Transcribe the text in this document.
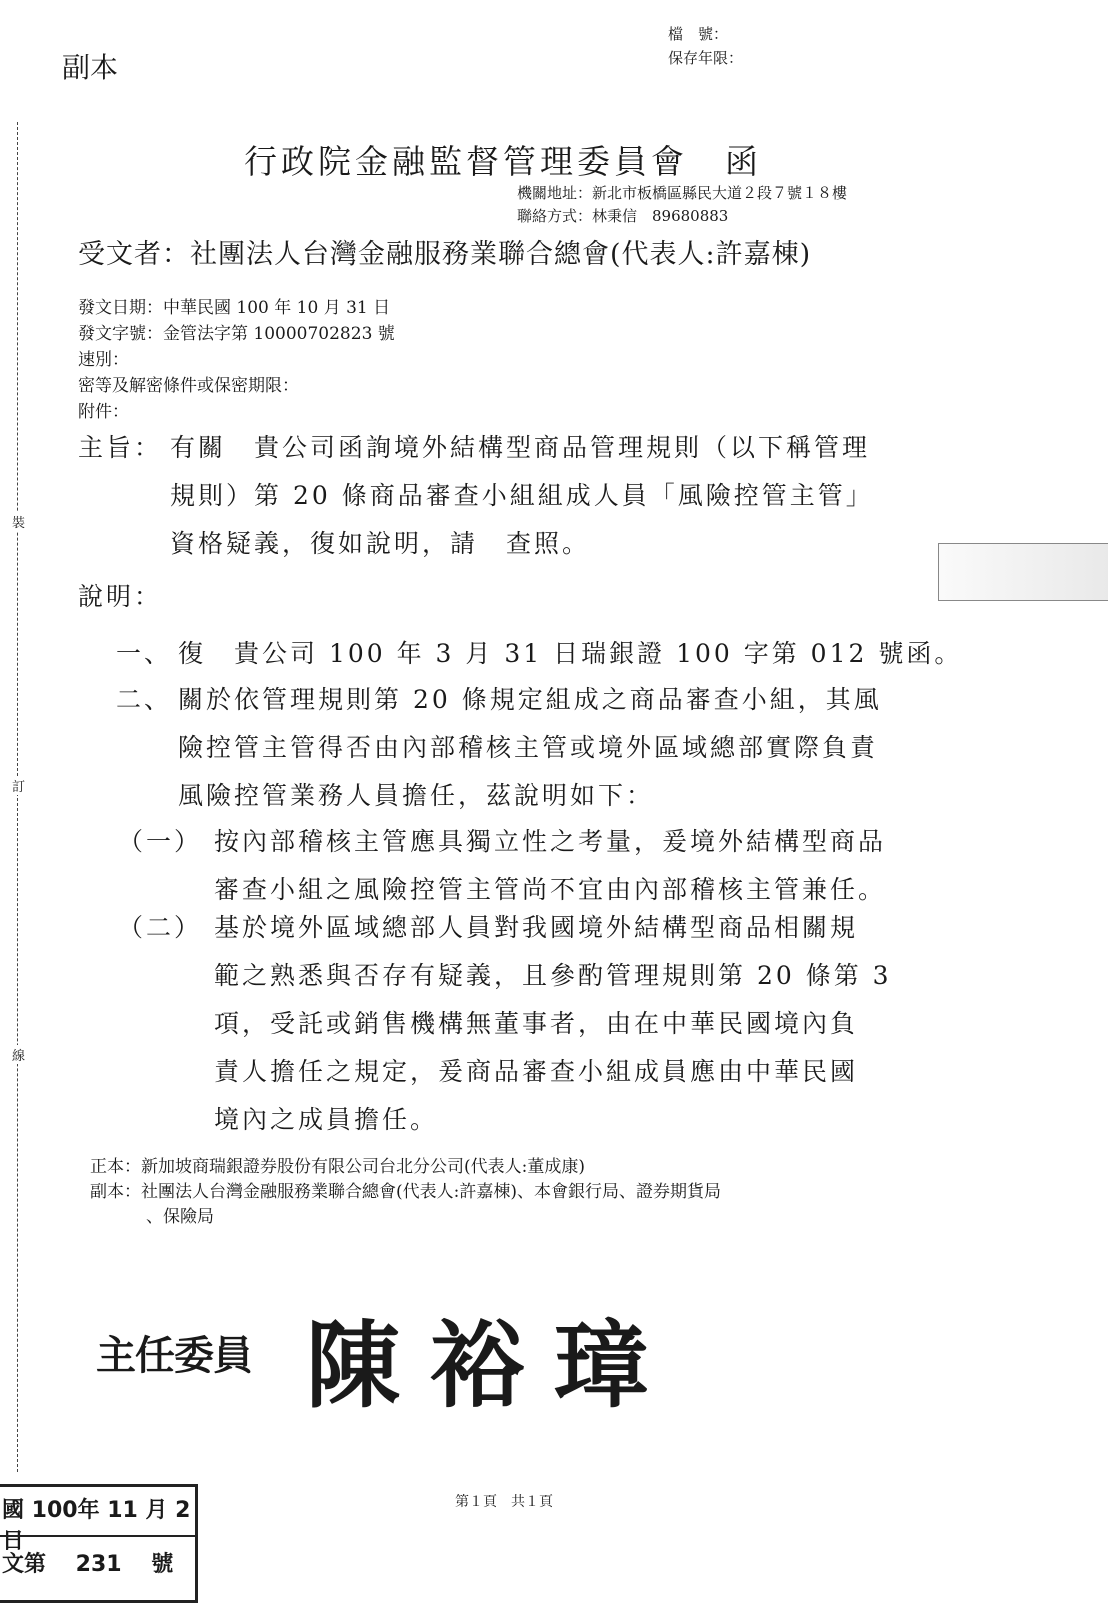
副本
檔　號：
保存年限：
裝
訂
線
行政院金融監督管理委員會　函
機關地址：新北市板橋區縣民大道２段７號１８樓
聯絡方式：林秉信　89680883
受文者：社團法人台灣金融服務業聯合總會(代表人:許嘉棟)
發文日期：中華民國 100 年 10 月 31 日
發文字號：金管法字第 10000702823 號
速別：
密等及解密條件或保密期限：
附件：
主旨： 有關　貴公司函詢境外結構型商品管理規則（以下稱管理
規則）第 20 條商品審查小組組成人員「風險控管主管」
資格疑義，復如說明，請　查照。
說明：
一、 復　貴公司 100 年 3 月 31 日瑞銀證 100 字第 012 號函。
二、 關於依管理規則第 20 條規定組成之商品審查小組，其風
險控管主管得否由內部稽核主管或境外區域總部實際負責
風險控管業務人員擔任，茲說明如下：
（一） 按內部稽核主管應具獨立性之考量，爰境外結構型商品
審查小組之風險控管主管尚不宜由內部稽核主管兼任。
（二） 基於境外區域總部人員對我國境外結構型商品相關規
範之熟悉與否存有疑義，且參酌管理規則第 20 條第 3
項，受託或銷售機構無董事者，由在中華民國境內負
責人擔任之規定，爰商品審查小組成員應由中華民國
境內之成員擔任。
正本：新加坡商瑞銀證券股份有限公司台北分公司(代表人:董成康)
副本：社團法人台灣金融服務業聯合總會(代表人:許嘉棟)、本會銀行局、證券期貨局
、保險局
主任委員 陳裕璋
第１頁　共１頁
國 100年 11 月 2 日
文第　 231　 號
